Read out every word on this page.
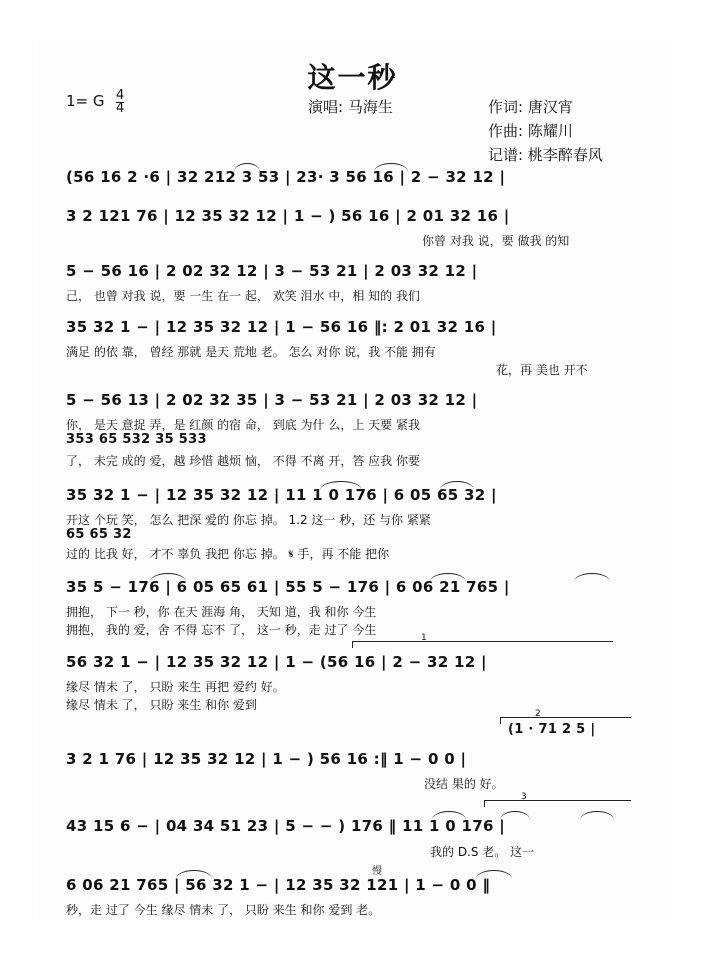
这一秒
1= G 4
4	演唱: 马海生	作词: 唐汉宵
作曲: 陈耀川
记谱: 桃李醉春风
(56 16 2 ·6 | 32 212 3 53 | 23· 3 56 16 | 2 − 32 12 |
3 2 121 76 | 12 35 32 12 | 1 − ) 56 16 | 2 01 32 16 |
你曾 对我 说，要 做我 的知
5 − 56 16 | 2 02 32 12 | 3 − 53 21 | 2 03 32 12 |
己， 也曾 对我 说，要 一生 在一 起， 欢笑 泪水 中，相 知的 我们
35 32 1 − | 12 35 32 12 | 1 − 56 16 ‖: 2 01 32 16 |
满足 的依 靠， 曾经 那就 是天 荒地 老。 怎么 对你 说，我 不能 拥有
花，再 美也 开不
5 − 56 13 | 2 02 32 35 | 3 − 53 21 | 2 03 32 12 |
你， 是天 意捉 弄，是 红颜 的宿 命， 到底 为什 么，上 天要 紧我
353 65 532 35 533
了， 未完 成的 爱，越 珍惜 越烦 恼， 不得 不离 开，答 应我 你要
35 32 1 − | 12 35 32 12 | 11 1 0 176 | 6 05 65 32 |
开这 个玩 笑， 怎么 把深 爱的 你忘 掉。 1.2 这一 秒，还 与你 紧紧
65 65 32
过的 比我 好， 才不 辜负 我把 你忘 掉。 𝄋 手，再 不能 把你
35 5 − 176 | 6 05 65 61 | 55 5 − 176 | 6 06 21 765 |
拥抱， 下一 秒，你 在天 涯海 角， 天知 道，我 和你 今生
拥抱， 我的 爱，舍 不得 忘不 了， 这一 秒，走 过了 今生
1
56 32 1 − | 12 35 32 12 | 1 − (56 16 | 2 − 32 12 |
缘尽 情未 了， 只盼 来生 再把 爱约 好。
缘尽 情未 了， 只盼 来生 和你 爱到
2
(1 · 71 2 5 |
3 2 1 76 | 12 35 32 12 | 1 − ) 56 16 :‖ 1 − 0 0 |
没结 果的 好。
3
43 15 6 − | 04 34 51 23 | 5 − − ) 176 ‖ 11 1 0 176 |
我的 D.S 老。 这一
慢
6 06 21 765 | 56 32 1 − | 12 35 32 121 | 1 − 0 0 ‖
秒，走 过了 今生 缘尽 情未 了， 只盼 来生 和你 爱到 老。
